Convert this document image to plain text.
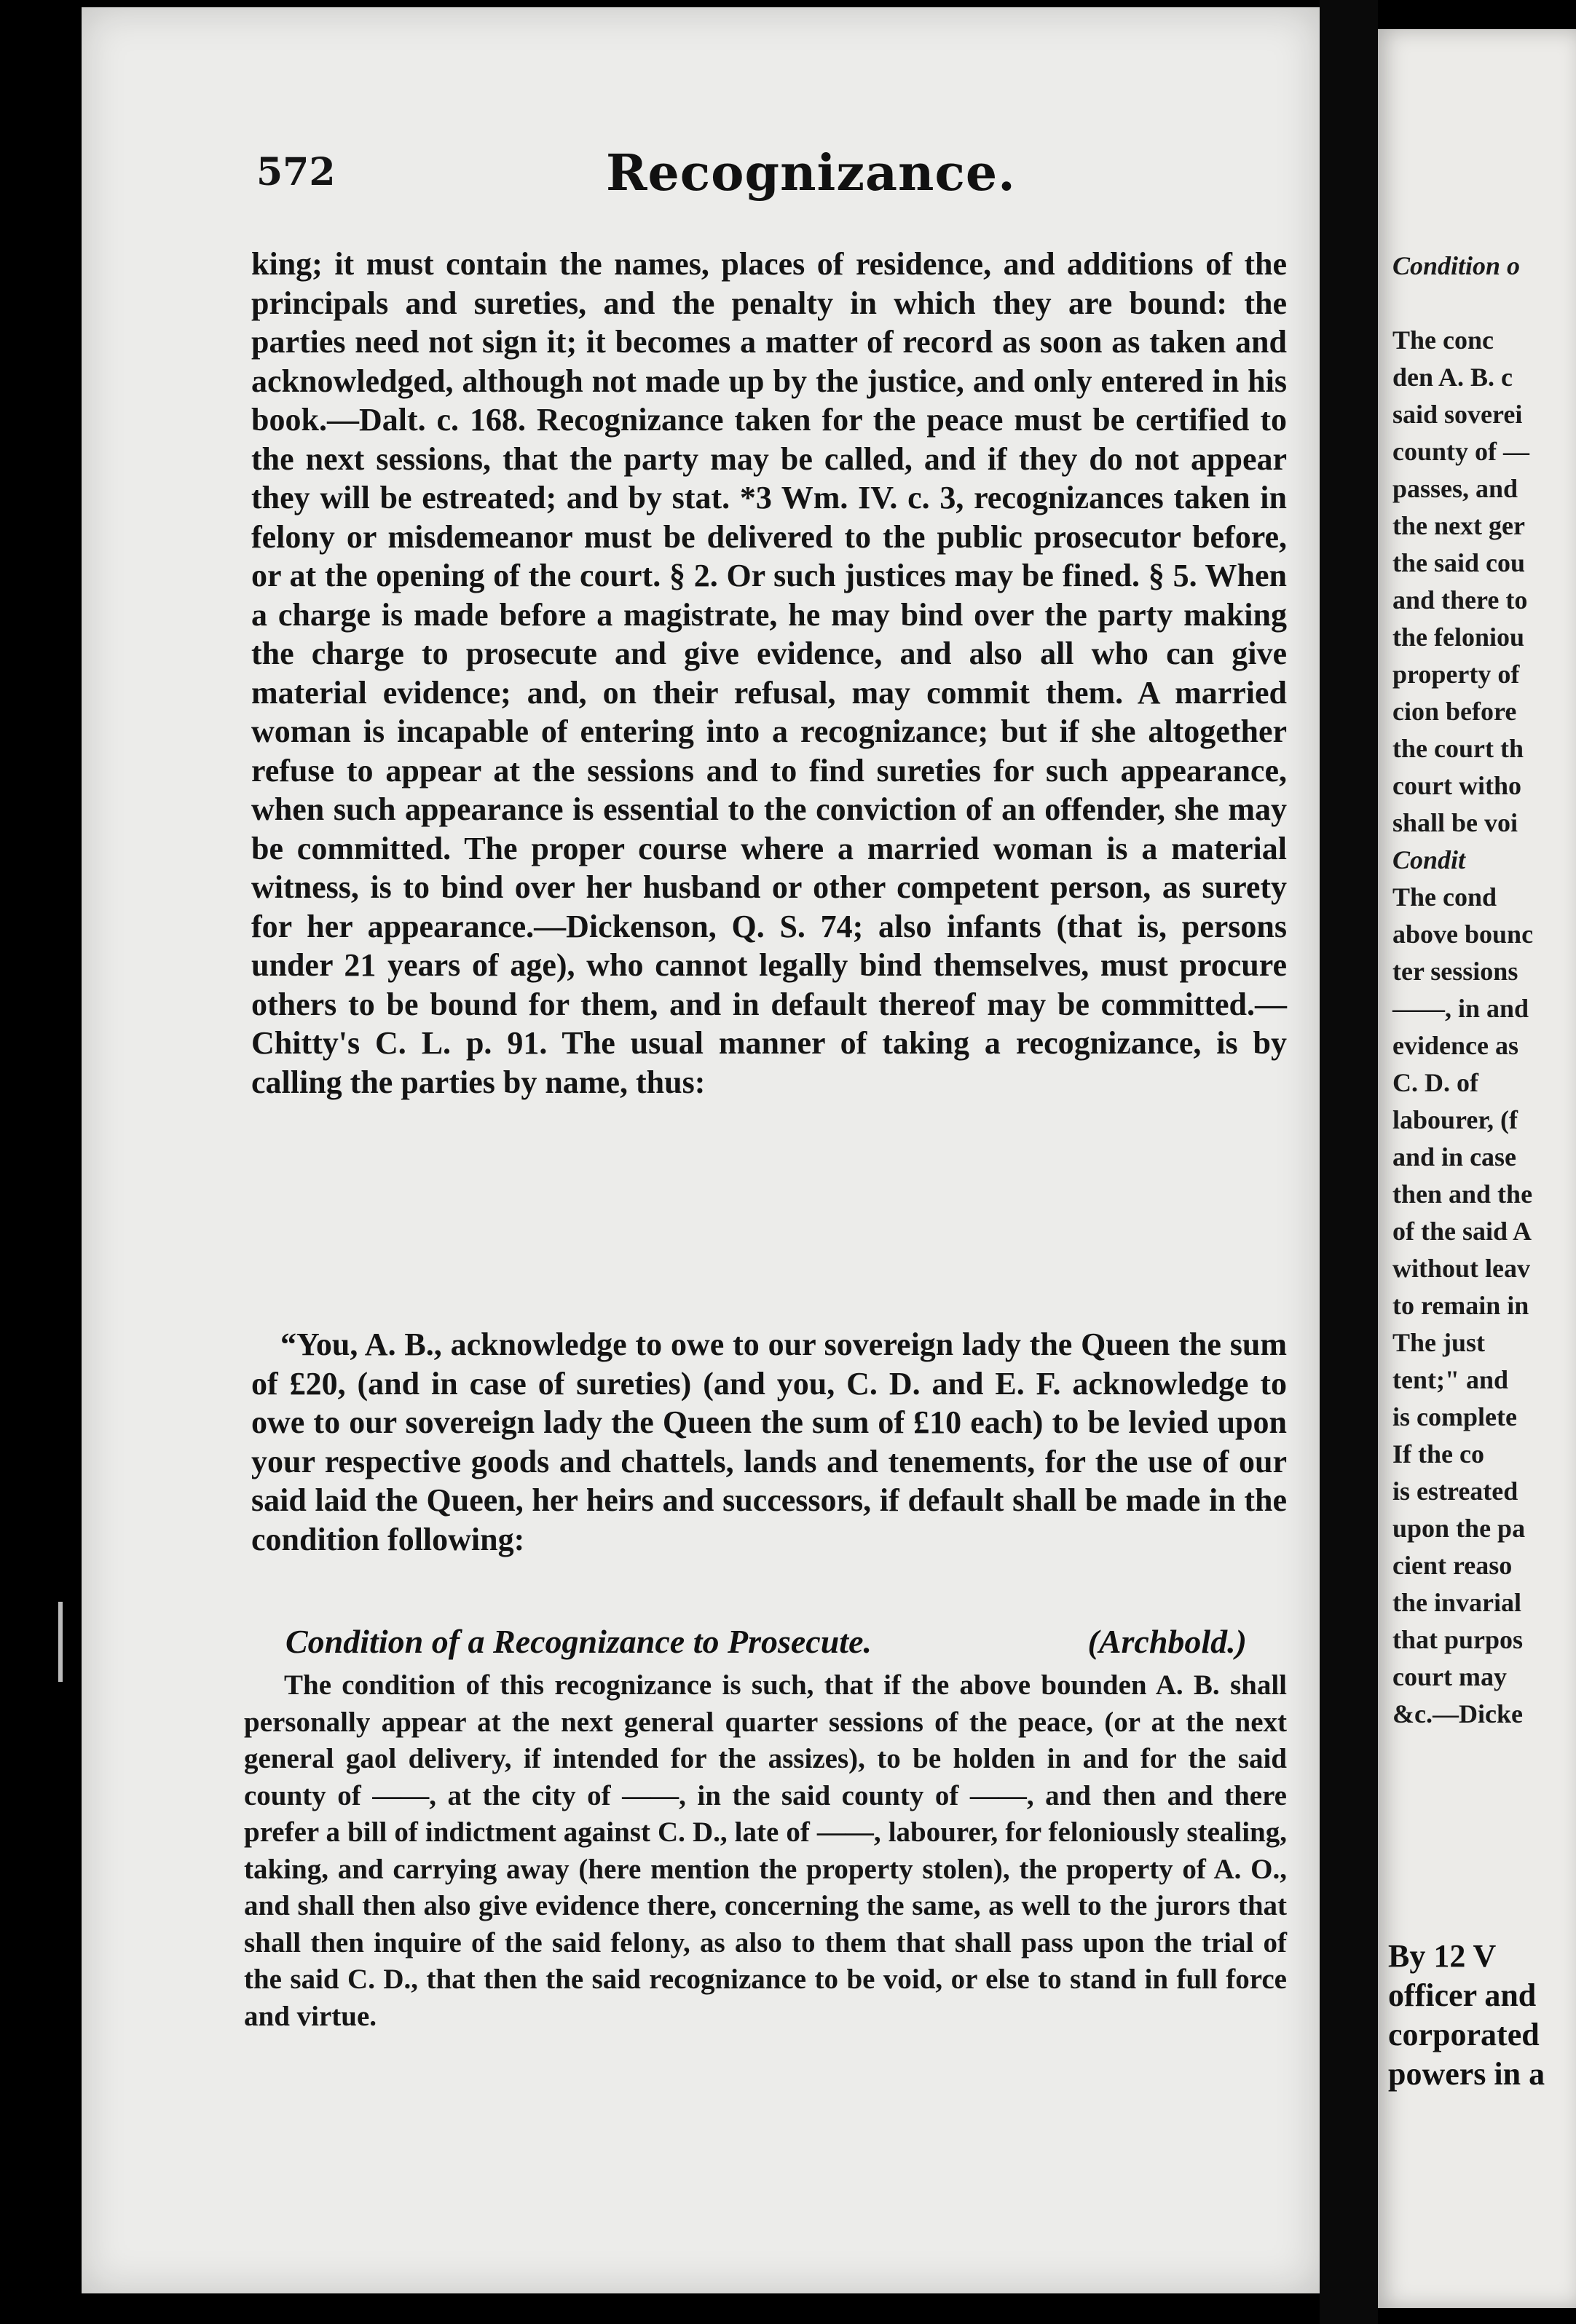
572	Recognizance.

king; it must contain the names, places of residence, and additions of the principals and sureties, and the penalty in which they are bound: the parties need not sign it; it becomes a matter of record as soon as taken and acknowledged, although not made up by the justice, and only entered in his book.—Dalt. c. 168. Recognizance taken for the peace must be certified to the next sessions, that the party may be called, and if they do not appear they will be estreated; and by stat. *3 Wm. IV. c. 3, recognizances taken in felony or misdemeanor must be delivered to the public prosecutor before, or at the opening of the court. § 2. Or such justices may be fined. § 5. When a charge is made before a magistrate, he may bind over the party making the charge to prosecute and give evidence, and also all who can give material evidence; and, on their refusal, may commit them. A married woman is incapable of entering into a recognizance; but if she altogether refuse to appear at the sessions and to find sureties for such appearance, when such appearance is essential to the conviction of an offender, she may be committed. The proper course where a married woman is a material witness, is to bind over her husband or other competent person, as surety for her appearance.—Dickenson, Q. S. 74; also infants (that is, persons under 21 years of age), who cannot legally bind themselves, must procure others to be bound for them, and in default thereof may be committed.—Chitty's C. L. p. 91. The usual manner of taking a recognizance, is by calling the parties by name, thus:

“You, A. B., acknowledge to owe to our sovereign lady the Queen the sum of £20, (and in case of sureties) (and you, C. D. and E. F. acknowledge to owe to our sovereign lady the Queen the sum of £10 each) to be levied upon your respective goods and chattels, lands and tenements, for the use of our said laid the Queen, her heirs and successors, if default shall be made in the condition following:

Condition of a Recognizance to Prosecute.	(Archbold.)

The condition of this recognizance is such, that if the above bounden A. B. shall personally appear at the next general quarter sessions of the peace, (or at the next general gaol delivery, if intended for the assizes), to be holden in and for the said county of ——, at the city of ——, in the said county of ——, and then and there prefer a bill of indictment against C. D., late of ——, labourer, for feloniously stealing, taking, and carrying away (here mention the property stolen), the property of A. O., and shall then also give evidence there, concerning the same, as well to the jurors that shall then inquire of the said felony, as also to them that shall pass upon the trial of the said C. D., that then the said recognizance to be void, or else to stand in full force and virtue.

Condition o
The conc
den A. B. c
said soverei
county of —
passes, and
the next ger
the said cou
and there to
the feloniou
property of
cion before
the court th
court witho
shall be voi
Condit
The cond
above bounc
ter sessions
——, in and
evidence as
C. D. of
labourer, (f
and in case
then and the
of the said A
without leav
to remain in
The just
tent;" and
is complete
If the co
is estreated
upon the pa
cient reaso
the invarial
that purpos
court may
&c.—Dicke
By 12 V
officer and
corporated
powers in a
